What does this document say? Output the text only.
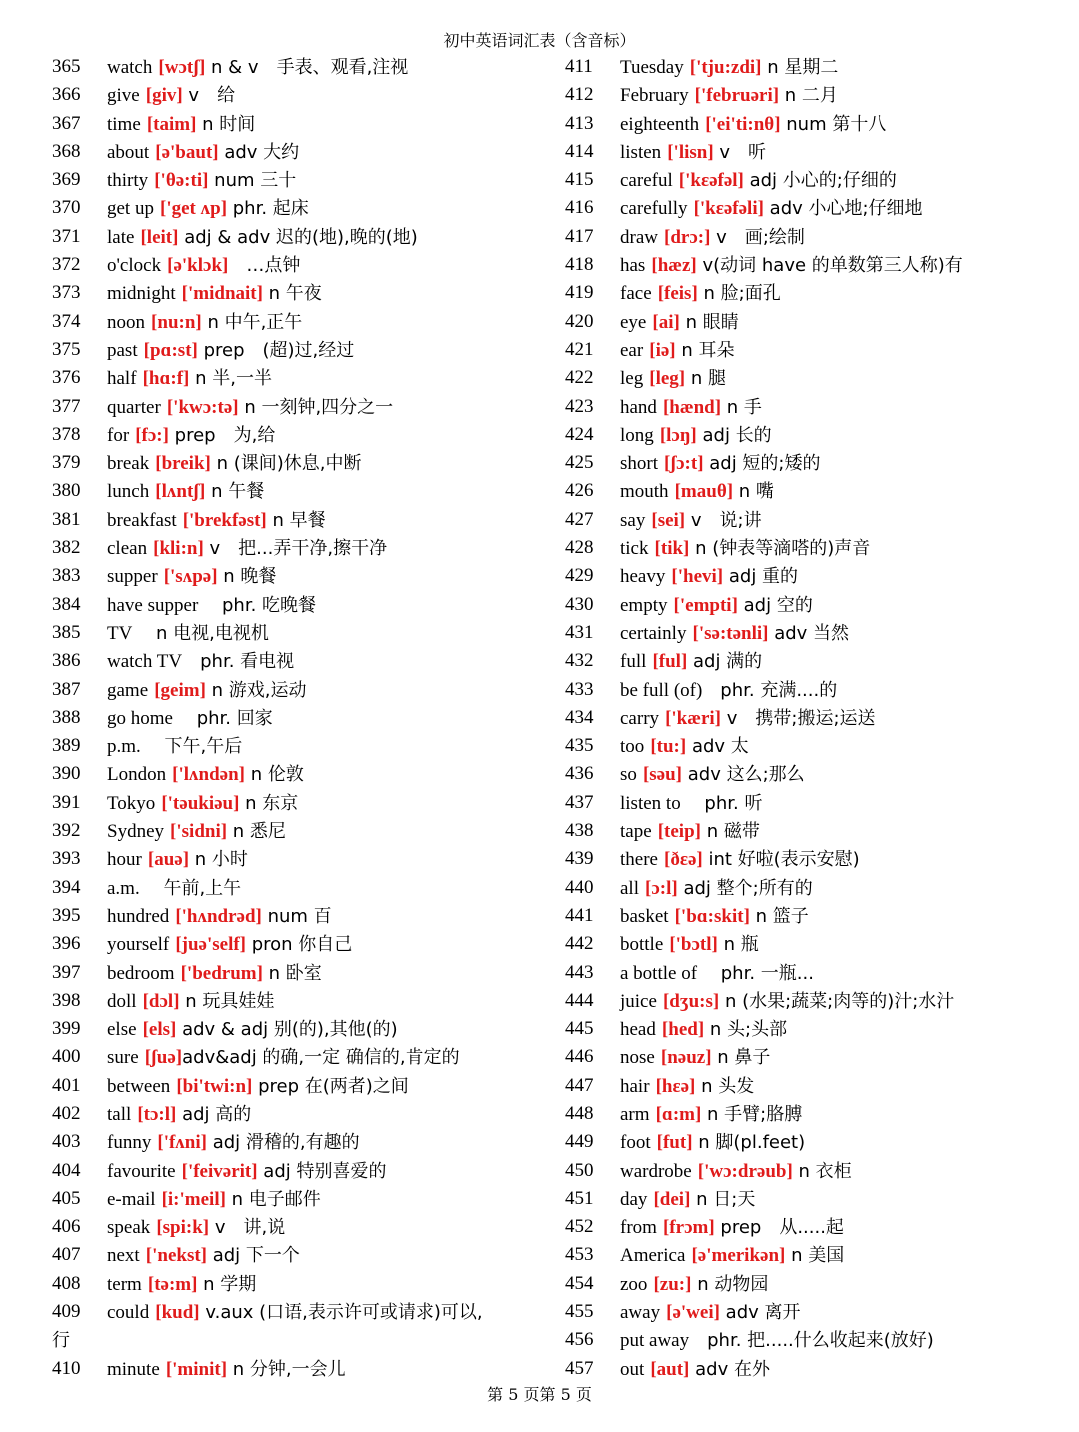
初中英语词汇表（含音标）
365	watch [wɔtʃ] n & v　手表、观看,注视
366	give [giv] v　给
367	time [taim] n 时间
368	about [ə'baut] adv 大约
369	thirty ['θə:ti] num 三十
370	get up ['get ʌp] phr. 起床
371	late [leit] adj & adv 迟的(地),晚的(地)
372	o'clock [ə'klɔk]　…点钟
373	midnight ['midnait] n 午夜
374	noon [nu:n] n 中午,正午
375	past [pɑ:st] prep　(超)过,经过
376	half [hɑ:f] n 半,一半
377	quarter ['kwɔ:tə] n 一刻钟,四分之一
378	for [fɔ:] prep　为,给
379	break [breik] n (课间)休息,中断
380	lunch [lʌntʃ] n 午餐
381	breakfast ['brekfəst] n 早餐
382	clean [kli:n] v　把...弄干净,擦干净
383	supper ['sʌpə] n 晚餐
384	have supper　 phr. 吃晚餐
385	TV　 n 电视,电视机
386	watch TV　phr. 看电视
387	game [geim] n 游戏,运动
388	go home　 phr. 回家
389	p.m.　 下午,午后
390	London ['lʌndən] n 伦敦
391	Tokyo ['təukiəu] n 东京
392	Sydney ['sidni] n 悉尼
393	hour [auə] n 小时
394	a.m.　 午前,上午
395	hundred ['hʌndrəd] num 百
396	yourself [juə'self] pron 你自己
397	bedroom ['bedrum] n 卧室
398	doll [dɔl] n 玩具娃娃
399	else [els] adv & adj 别(的),其他(的)
400	sure [ʃuə]adv&adj 的确,一定 确信的,肯定的
401	between [bi'twi:n] prep 在(两者)之间
402	tall [tɔ:l] adj 高的
403	funny ['fʌni] adj 滑稽的,有趣的
404	favourite ['feivərit] adj 特别喜爱的
405	e-mail [i:'meil] n 电子邮件
406	speak [spi:k] v　讲,说
407	next ['nekst] adj 下一个
408	term [tə:m] n 学期
409	could [kud] v.aux (口语,表示许可或请求)可以,
行
410	minute ['minit] n 分钟,一会儿
411	Tuesday ['tju:zdi] n 星期二
412	February ['februəri] n 二月
413	eighteenth ['ei'ti:nθ] num 第十八
414	listen ['lisn] v　听
415	careful ['kεəfəl] adj 小心的;仔细的
416	carefully ['kεəfəli] adv 小心地;仔细地
417	draw [drɔ:] v　画;绘制
418	has [hæz] v(动词 have 的单数第三人称)有
419	face [feis] n 脸;面孔
420	eye [ai] n 眼睛
421	ear [iə] n 耳朵
422	leg [leg] n 腿
423	hand [hænd] n 手
424	long [lɔŋ] adj 长的
425	short [ʃɔ:t] adj 短的;矮的
426	mouth [mauθ] n 嘴
427	say [sei] v　说;讲
428	tick [tik] n (钟表等滴嗒的)声音
429	heavy ['hevi] adj 重的
430	empty ['empti] adj 空的
431	certainly ['sə:tənli] adv 当然
432	full [ful] adj 满的
433	be full (of)　phr. 充满....的
434	carry ['kæri] v　携带;搬运;运送
435	too [tu:] adv 太
436	so [səu] adv 这么;那么
437	listen to　 phr. 听
438	tape [teip] n 磁带
439	there [ðεə] int 好啦(表示安慰)
440	all [ɔ:l] adj 整个;所有的
441	basket ['bɑ:skit] n 篮子
442	bottle ['bɔtl] n 瓶
443	a bottle of　 phr. 一瓶...
444	juice [dʒu:s] n (水果;蔬菜;肉等的)汁;水汁
445	head [hed] n 头;头部
446	nose [nəuz] n 鼻子
447	hair [hεə] n 头发
448	arm [ɑ:m] n 手臂;胳膊
449	foot [fut] n 脚(pl.feet)
450	wardrobe ['wɔ:drəub] n 衣柜
451	day [dei] n 日;天
452	from [frɔm] prep　从.....起
453	America [ə'merikən] n 美国
454	zoo [zu:] n 动物园
455	away [ə'wei] adv 离开
456	put away　phr. 把.....什么收起来(放好)
457	out [aut] adv 在外
第 5 页第 5 页
